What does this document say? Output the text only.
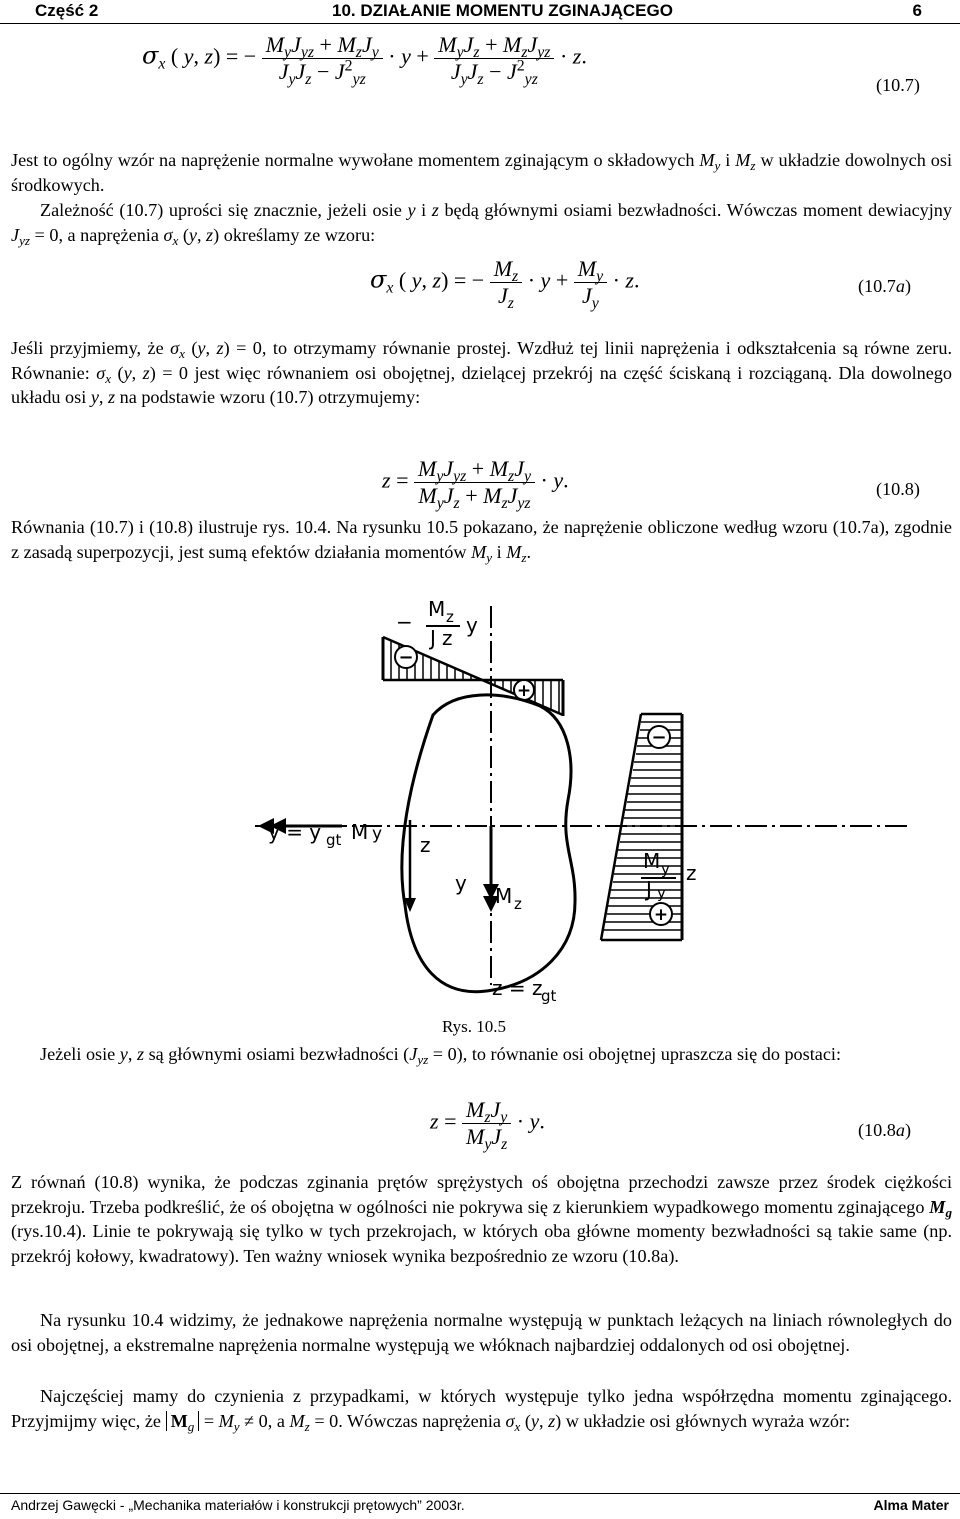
Część 2	10. DZIAŁANIE MOMENTU ZGINAJĄCEGO	6
$\sigma_x$ ( y, z) = − $\frac{M_yJ_{yz} + M_zJ_y}{J_yJ_z - J^2_{yz}} \cdot y + \frac{M_yJ_z + M_zJ_{yz}}{J_yJ_z - J^2_{yz}} \cdot z$.
(10.7)
Jest to ogólny wzór na naprężenie normalne wywołane momentem zginającym o składowych $M_y$ i $M_z$ w układzie dowolnych osi środkowych.
Zależność (10.7) uprości się znacznie, jeżeli osie y i z będą głównymi osiami bezwładności. Wówczas moment dewiacyjny $J_{yz} = 0$, a naprężenia $\sigma_x$ (y, z) określamy ze wzoru:
$\sigma_x$ ( y, z) = − $\frac{M_z}{J_z} \cdot y + \frac{M_y}{J_y} \cdot z$.	(10.7a)
Jeśli przyjmiemy, że $\sigma_x$ (y, z) = 0, to otrzymamy równanie prostej. Wzdłuż tej linii naprężenia i odkształcenia są równe zeru. Równanie: $\sigma_x$ (y, z) = 0 jest więc równaniem osi obojętnej, dzielącej przekrój na część ściskaną i rozciąganą. Dla dowolnego układu osi y, z na podstawie wzoru (10.7) otrzymujemy:
$z = \frac{M_yJ_{yz} + M_zJ_y}{M_yJ_z + M_zJ_{yz}} \cdot y$.	(10.8)
Równania (10.7) i (10.8) ilustruje rys. 10.4. Na rysunku 10.5 pokazano, że naprężenie obliczone według wzoru (10.7a), zgodnie z zasadą superpozycji, jest sumą efektów działania momentów $M_y$ i $M_z$.
−
+
−
M z
J z
y
−
+
M y
J y
z
y = y gt M y z
y
M z
z = z
gt
Rys. 10.5
Jeżeli osie y, z są głównymi osiami bezwładności $(J_{yz} = 0)$, to równanie osi obojętnej upraszcza się do postaci:
$z = \frac{M_zJ_y}{M_yJ_z} \cdot y$.	(10.8a)
Z równań (10.8) wynika, że podczas zginania prętów sprężystych oś obojętna przechodzi zawsze przez środek ciężkości przekroju. Trzeba podkreślić, że oś obojętna w ogólności nie pokrywa się z kierunkiem wypadkowego momentu zginającego $M_g$ (rys.10.4). Linie te pokrywają się tylko w tych przekrojach, w których oba główne momenty bezwładności są takie same (np. przekrój kołowy, kwadratowy). Ten ważny wniosek wynika bezpośrednio ze wzoru (10.8a).
Na rysunku 10.4 widzimy, że jednakowe naprężenia normalne występują w punktach leżących na liniach równoległych do osi obojętnej, a ekstremalne naprężenia normalne występują we włóknach najbardziej oddalonych od osi obojętnej.
Najczęściej mamy do czynienia z przypadkami, w których występuje tylko jedna współrzędna momentu zginającego. Przyjmijmy więc, że $M_g = M_y \ne 0$, a $M_z = 0$. Wówczas naprężenia $\sigma_x$ (y, z) w układzie osi głównych wyraża wzór:
Andrzej Gawęcki - „Mechanika materiałów i konstrukcji prętowych” 2003r.	Alma Mater
